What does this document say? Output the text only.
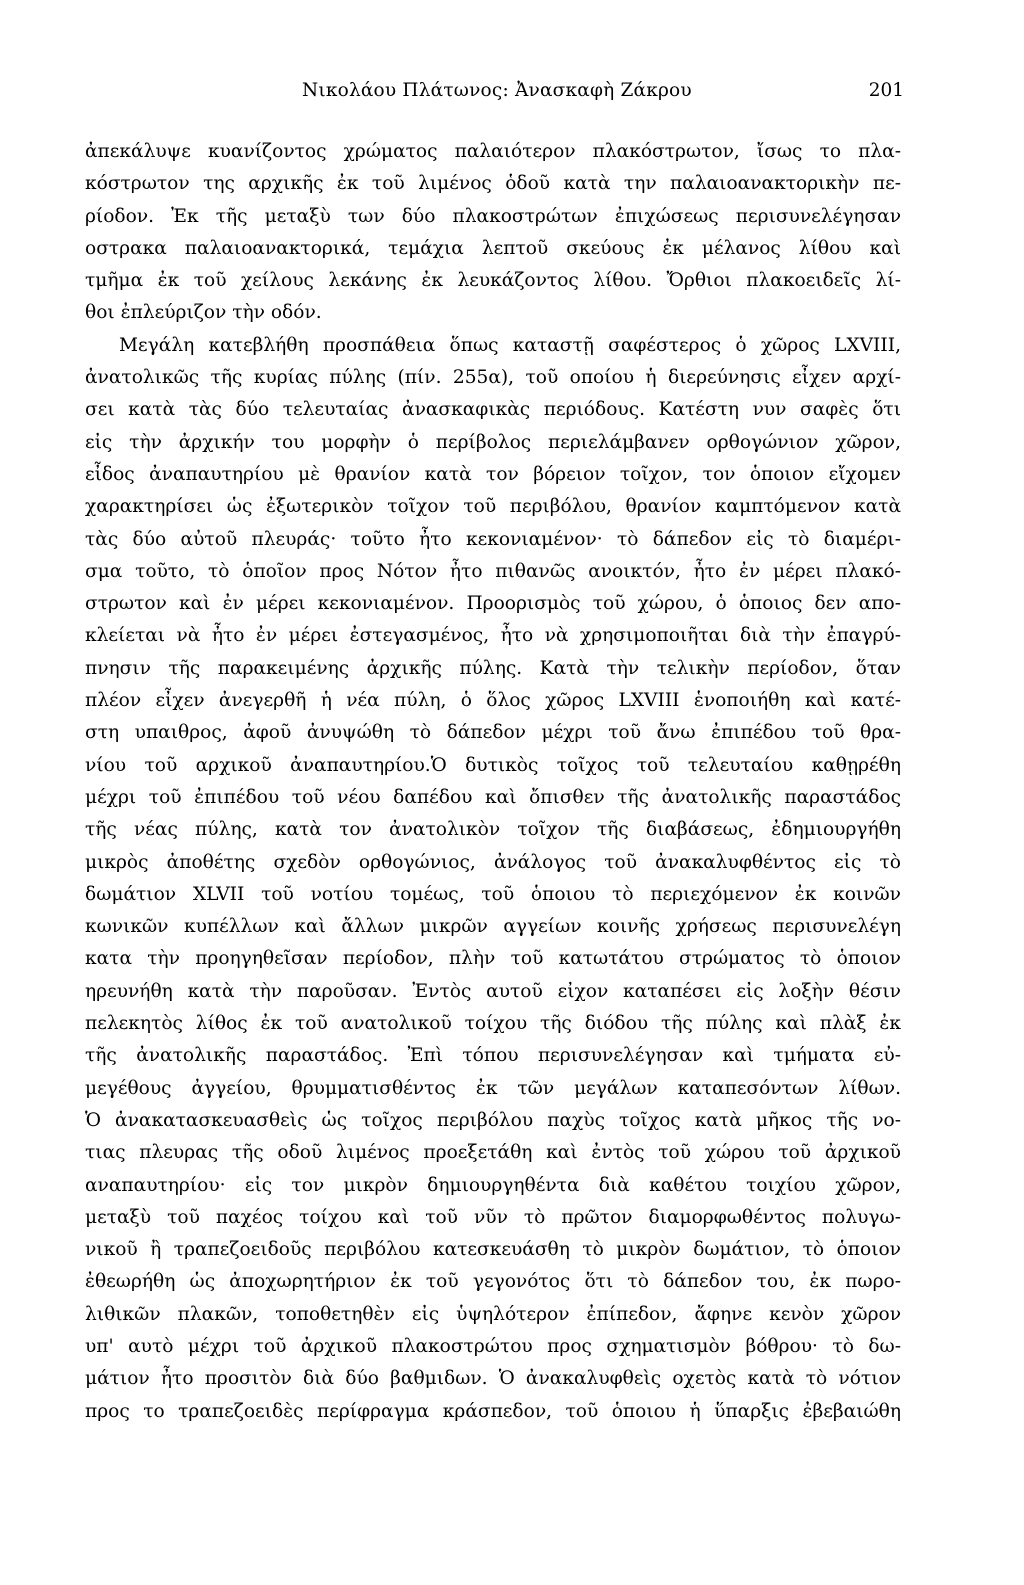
Νικολάου Πλάτωνος: Ἀνασκαφὴ Ζάκρου	201
ἀπεκάλυψε κυανίζοντος χρώματος παλαιότερον πλακόστρωτον, ἴσως το πλα-
κόστρωτον της αρχικῆς ἐκ τοῦ λιμένος ὁδοῦ κατὰ την παλαιοανακτορικὴν πε-
ρίοδον. Ἐκ τῆς μεταξὺ των δύο πλακοστρώτων ἐπιχώσεως περισυνελέγησαν
οστρακα παλαιοανακτορικά, τεμάχια λεπτοῦ σκεύους ἐκ μέλανος λίθου καὶ
τμῆμα ἐκ τοῦ χείλους λεκάνης ἐκ λευκάζοντος λίθου. Ὄρθιοι πλακοειδεῖς λί-
θοι ἐπλεύριζον τὴν οδόν.
Μεγάλη κατεβλήθη προσπάθεια ὅπως καταστῇ σαφέστερος ὁ χῶρος LXVIII,
ἀνατολικῶς τῆς κυρίας πύλης (πίν. 255α), τοῦ οποίου ἡ διερεύνησις εἶχεν αρχί-
σει κατὰ τὰς δύο τελευταίας ἀνασκαφικὰς περιόδους. Κατέστη νυν σαφὲς ὅτι
εἰς τὴν ἀρχικήν του μορφὴν ὁ περίβολος περιελάμβανεν ορθογώνιον χῶρον,
εἶδος ἀναπαυτηρίου μὲ θρανίον κατὰ τον βόρειον τοῖχον, τον ὁποιον εἴχομεν
χαρακτηρίσει ὡς ἐξωτερικὸν τοῖχον τοῦ περιβόλου, θρανίον καμπτόμενον κατὰ
τὰς δύο αὐτοῦ πλευράς· τοῦτο ἦτο κεκονιαμένον· τὸ δάπεδον εἰς τὸ διαμέρι-
σμα τοῦτο, τὸ ὁποῖον προς Νότον ἦτο πιθανῶς ανοικτόν, ἦτο ἐν μέρει πλακό-
στρωτον καὶ ἐν μέρει κεκονιαμένον. Προορισμὸς τοῦ χώρου, ὁ ὁποιος δεν απο-
κλείεται νὰ ἦτο ἐν μέρει ἐστεγασμένος, ἦτο νὰ χρησιμοποιῆται διὰ τὴν ἐπαγρύ-
πνησιν τῆς παρακειμένης ἀρχικῆς πύλης. Κατὰ τὴν τελικὴν περίοδον, ὅταν
πλέον εἶχεν ἀνεγερθῆ ἡ νέα πύλη, ὁ ὅλος χῶρος LXVIII ἑνοποιήθη καὶ κατέ-
στη υπαιθρος, ἀφοῦ ἀνυψώθη τὸ δάπεδον μέχρι τοῦ ἄνω ἐπιπέδου τοῦ θρα-
νίου τοῦ αρχικοῦ ἀναπαυτηρίου.Ὁ δυτικὸς τοῖχος τοῦ τελευταίου καθῃρέθη
μέχρι τοῦ ἐπιπέδου τοῦ νέου δαπέδου καὶ ὄπισθεν τῆς ἀνατολικῆς παραστάδος
τῆς νέας πύλης, κατὰ τον ἀνατολικὸν τοῖχον τῆς διαβάσεως, ἐδημιουργήθη
μικρὸς ἀποθέτης σχεδὸν ορθογώνιος, ἀνάλογος τοῦ ἀνακαλυφθέντος εἰς τὸ
δωμάτιον XLVII τοῦ νοτίου τομέως, τοῦ ὁποιου τὸ περιεχόμενον ἐκ κοινῶν
κωνικῶν κυπέλλων καὶ ἄλλων μικρῶν αγγείων κοινῆς χρήσεως περισυνελέγη
κατα τὴν προηγηθεῖσαν περίοδον, πλὴν τοῦ κατωτάτου στρώματος τὸ ὁποιον
ηρευνήθη κατὰ τὴν παροῦσαν. Ἐντὸς αυτοῦ εἰχον καταπέσει εἰς λοξὴν θέσιν
πελεκητὸς λίθος ἐκ τοῦ ανατολικοῦ τοίχου τῆς διόδου τῆς πύλης καὶ πλὰξ ἐκ
τῆς ἀνατολικῆς παραστάδος. Ἐπὶ τόπου περισυνελέγησαν καὶ τμήματα εὐ-
μεγέθους ἀγγείου, θρυμματισθέντος ἐκ τῶν μεγάλων καταπεσόντων λίθων.
Ὁ ἀνακατασκευασθεὶς ὡς τοῖχος περιβόλου παχὺς τοῖχος κατὰ μῆκος τῆς νο-
τιας πλευρας τῆς οδοῦ λιμένος προεξετάθη καὶ ἐντὸς τοῦ χώρου τοῦ ἀρχικοῦ
αναπαυτηρίου· εἰς τον μικρὸν δημιουργηθέντα διὰ καθέτου τοιχίου χῶρον,
μεταξὺ τοῦ παχέος τοίχου καὶ τοῦ νῦν τὸ πρῶτον διαμορφωθέντος πολυγω-
νικοῦ ἢ τραπεζοειδοῦς περιβόλου κατεσκευάσθη τὸ μικρὸν δωμάτιον, τὸ ὁποιον
ἐθεωρήθη ὡς ἀποχωρητήριον ἐκ τοῦ γεγονότος ὅτι τὸ δάπεδον του, ἐκ πωρο-
λιθικῶν πλακῶν, τοποθετηθὲν εἰς ὑψηλότερον ἐπίπεδον, ἄφηνε κενὸν χῶρον
υπ' αυτὸ μέχρι τοῦ ἀρχικοῦ πλακοστρώτου προς σχηματισμὸν βόθρου· τὸ δω-
μάτιον ἦτο προσιτὸν διὰ δύο βαθμιδων. Ὁ ἀνακαλυφθεὶς οχετὸς κατὰ τὸ νότιον
προς το τραπεζοειδὲς περίφραγμα κράσπεδον, τοῦ ὁποιου ἡ ὕπαρξις ἐβεβαιώθη
